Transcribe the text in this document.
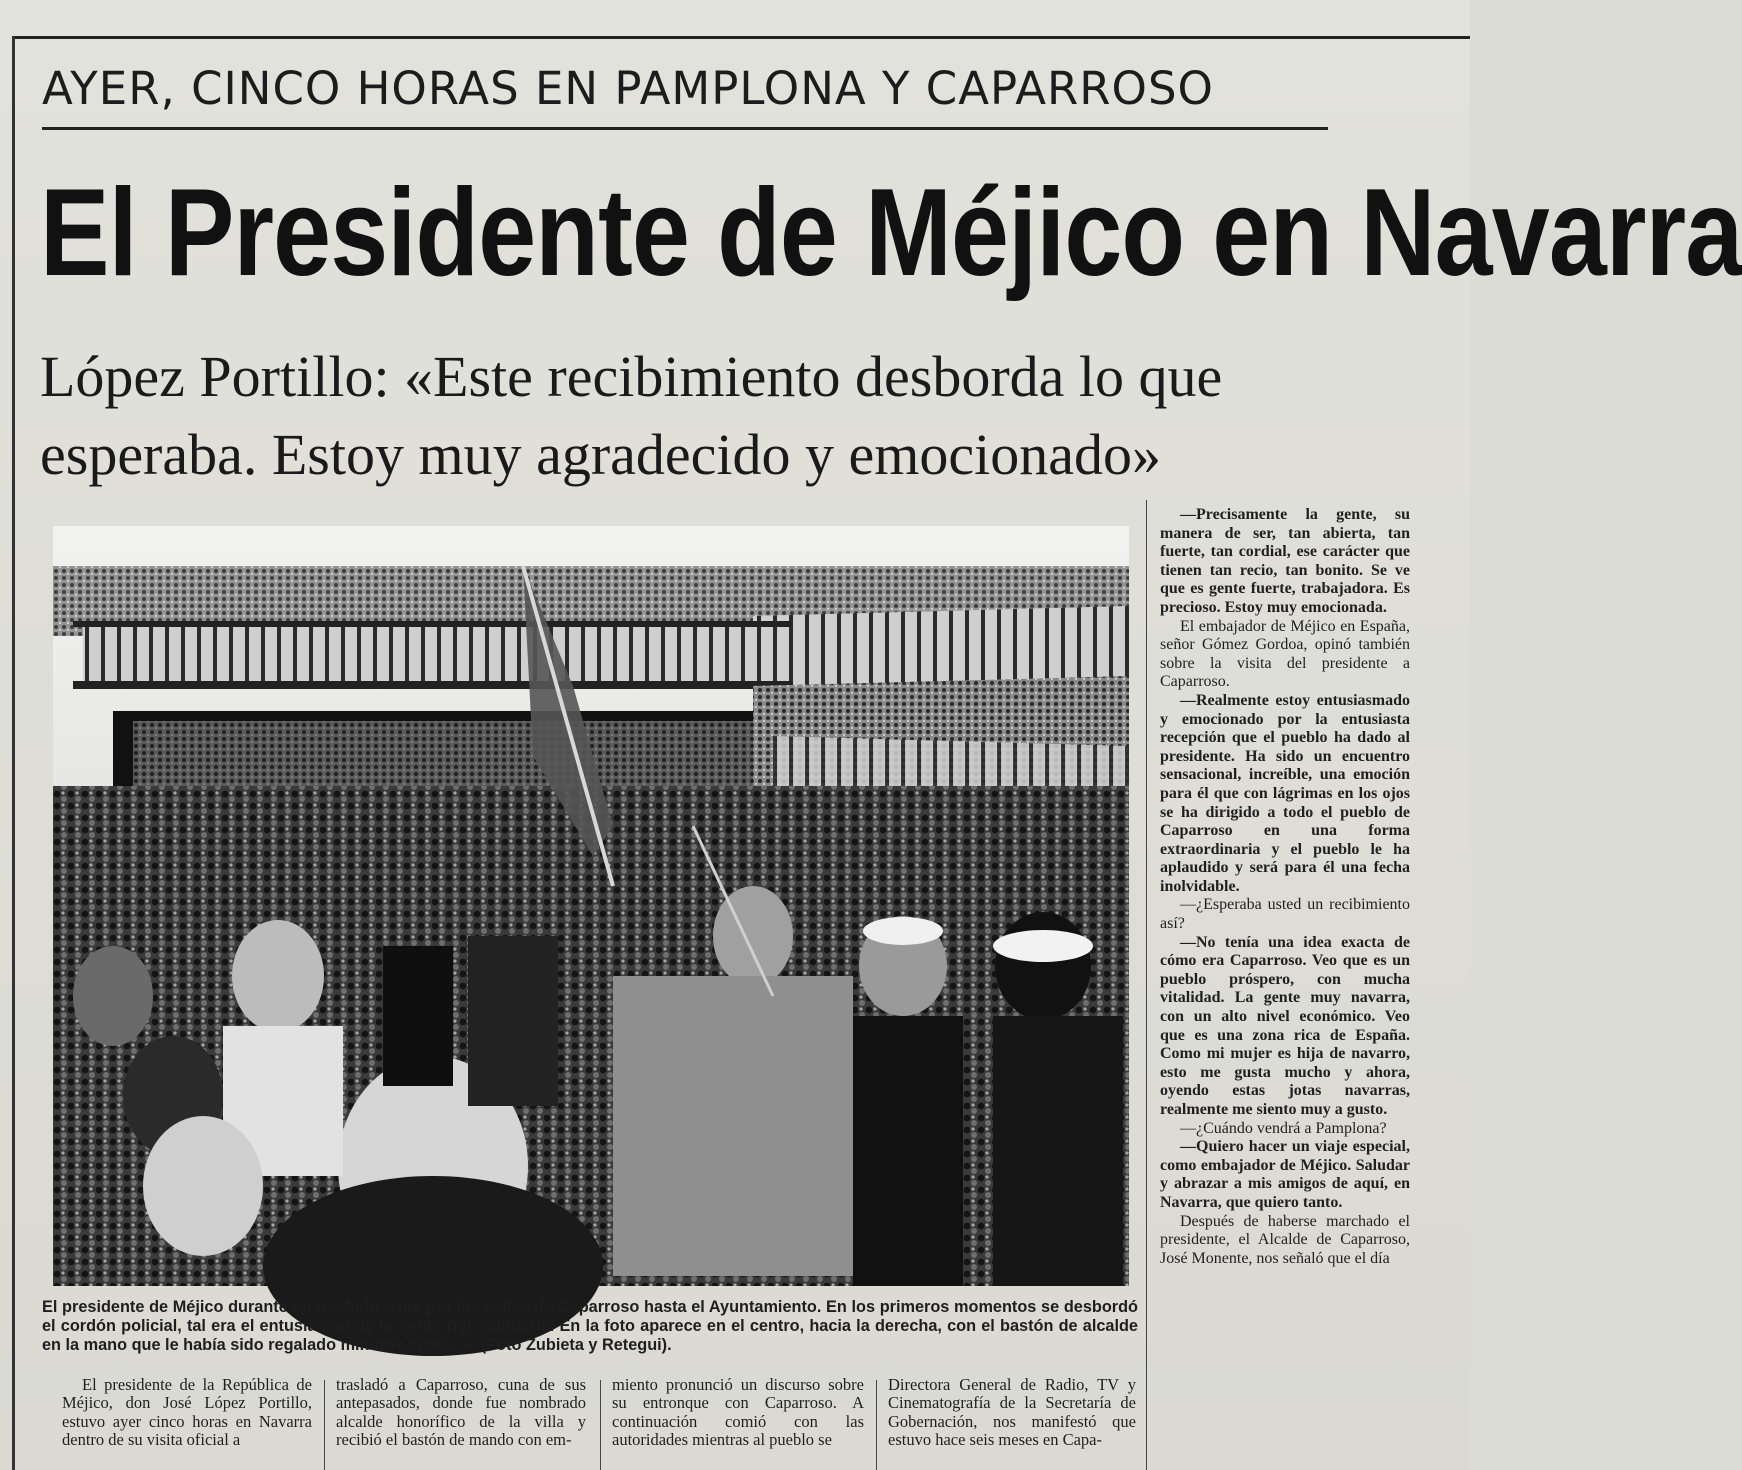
AYER, CINCO HORAS EN PAMPLONA Y CAPARROSO
El Presidente de Méjico en Navarra
López Portillo: «Este recibimiento desborda lo que
esperaba. Estoy muy agradecido y emocionado»
El presidente de Méjico durante su traslado a pie por las calles de Caparroso hasta el Ayuntamiento. En los primeros momentos se desbordó el cordón policial, tal era el entusiasmo de la gente por saludarle. En la foto aparece en el centro, hacia la derecha, con el bastón de alcalde en la mano que le había sido regalado minutos antes. — (Foto Zubieta y Retegui).

—Precisamente la gente, su manera de ser, tan abierta, tan fuerte, tan cordial, ese carácter que tienen tan recio, tan bonito. Se ve que es gente fuerte, trabajadora. Es precioso. Estoy muy emocionada.

El embajador de Méjico en España, señor Gómez Gordoa, opinó también sobre la visita del presidente a Caparroso.

—Realmente estoy entusiasmado y emocionado por la entusiasta recepción que el pueblo ha dado al presidente. Ha sido un encuentro sensacional, increíble, una emoción para él que con lágrimas en los ojos se ha dirigido a todo el pueblo de Caparroso en una forma extraordinaria y el pueblo le ha aplaudido y será para él una fecha inolvidable.

—¿Esperaba usted un recibimiento así?

—No tenía una idea exacta de cómo era Caparroso. Veo que es un pueblo próspero, con mucha vitalidad. La gente muy navarra, con un alto nivel económico. Veo que es una zona rica de España. Como mi mujer es hija de navarro, esto me gusta mucho y ahora, oyendo estas jotas navarras, realmente me siento muy a gusto.

—¿Cuándo vendrá a Pamplona?

—Quiero hacer un viaje especial, como embajador de Méjico. Saludar y abrazar a mis amigos de aquí, en Navarra, que quiero tanto.

Después de haberse marchado el presidente, el Alcalde de Caparroso, José Monente, nos señaló que el día

El presidente de la República de Méjico, don José López Portillo, estuvo ayer cinco horas en Navarra dentro de su visita oficial a

trasladó a Caparroso, cuna de sus antepasados, donde fue nombrado alcalde honorífico de la villa y recibió el bastón de mando con em-

miento pronunció un discurso sobre su entronque con Caparroso. A continuación comió con las autoridades mientras al pueblo se

Directora General de Radio, TV y Cinematografía de la Secretaría de Gobernación, nos manifestó que estuvo hace seis meses en Capa-
